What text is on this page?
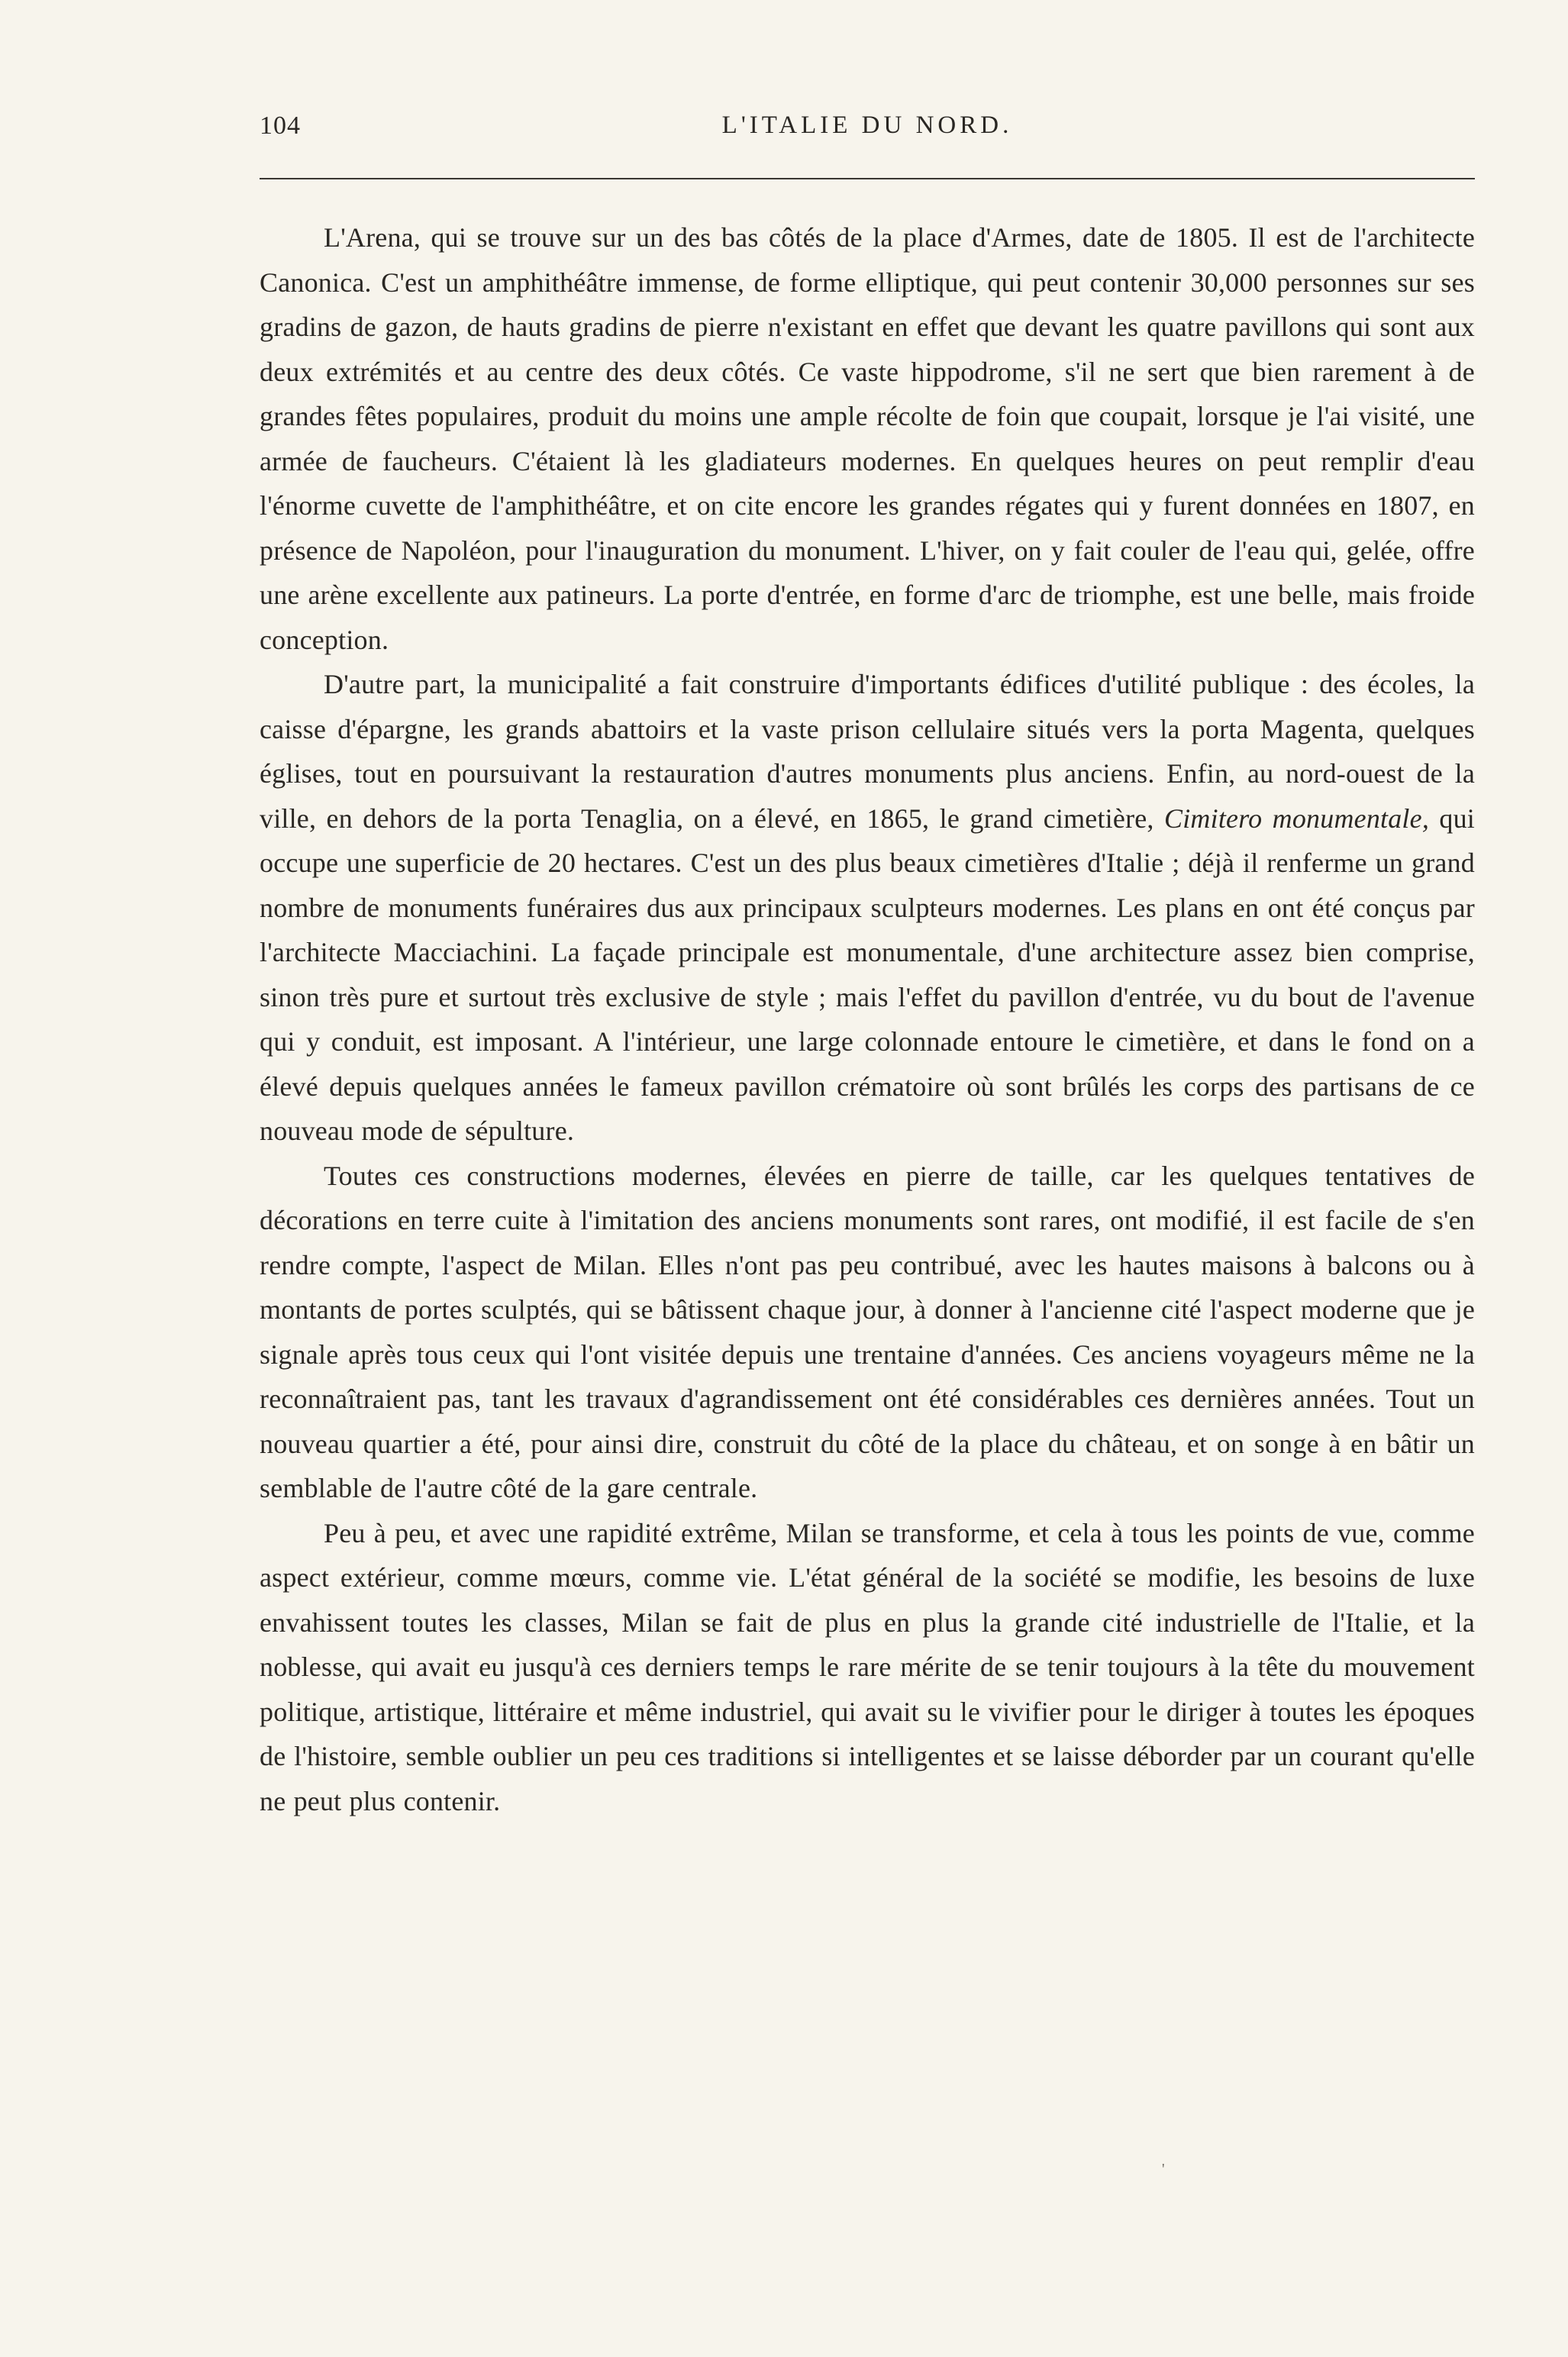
104	L'ITALIE DU NORD.

L'Arena, qui se trouve sur un des bas côtés de la place d'Armes, date de 1805. Il est de l'architecte Canonica. C'est un amphithéâtre immense, de forme elliptique, qui peut contenir 30,000 personnes sur ses gradins de gazon, de hauts gradins de pierre n'existant en effet que devant les quatre pavillons qui sont aux deux extrémités et au centre des deux côtés. Ce vaste hippodrome, s'il ne sert que bien rarement à de grandes fêtes populaires, produit du moins une ample récolte de foin que coupait, lorsque je l'ai visité, une armée de faucheurs. C'étaient là les gladiateurs modernes. En quelques heures on peut remplir d'eau l'énorme cuvette de l'amphithéâtre, et on cite encore les grandes régates qui y furent données en 1807, en présence de Napoléon, pour l'inauguration du monument. L'hiver, on y fait couler de l'eau qui, gelée, offre une arène excellente aux patineurs. La porte d'entrée, en forme d'arc de triomphe, est une belle, mais froide conception.

D'autre part, la municipalité a fait construire d'importants édifices d'utilité publique : des écoles, la caisse d'épargne, les grands abattoirs et la vaste prison cellulaire situés vers la porta Magenta, quelques églises, tout en poursuivant la restauration d'autres monuments plus anciens. Enfin, au nord-ouest de la ville, en dehors de la porta Tenaglia, on a élevé, en 1865, le grand cimetière, Cimitero monumentale, qui occupe une superficie de 20 hectares. C'est un des plus beaux cimetières d'Italie ; déjà il renferme un grand nombre de monuments funéraires dus aux principaux sculpteurs modernes. Les plans en ont été conçus par l'architecte Macciachini. La façade principale est monumentale, d'une architecture assez bien comprise, sinon très pure et surtout très exclusive de style ; mais l'effet du pavillon d'entrée, vu du bout de l'avenue qui y conduit, est imposant. A l'intérieur, une large colonnade entoure le cimetière, et dans le fond on a élevé depuis quelques années le fameux pavillon crématoire où sont brûlés les corps des partisans de ce nouveau mode de sépulture.

Toutes ces constructions modernes, élevées en pierre de taille, car les quelques tentatives de décorations en terre cuite à l'imitation des anciens monuments sont rares, ont modifié, il est facile de s'en rendre compte, l'aspect de Milan. Elles n'ont pas peu contribué, avec les hautes maisons à balcons ou à montants de portes sculptés, qui se bâtissent chaque jour, à donner à l'ancienne cité l'aspect moderne que je signale après tous ceux qui l'ont visitée depuis une trentaine d'années. Ces anciens voyageurs même ne la reconnaîtraient pas, tant les travaux d'agrandissement ont été considérables ces dernières années. Tout un nouveau quartier a été, pour ainsi dire, construit du côté de la place du château, et on songe à en bâtir un semblable de l'autre côté de la gare centrale.

Peu à peu, et avec une rapidité extrême, Milan se transforme, et cela à tous les points de vue, comme aspect extérieur, comme mœurs, comme vie. L'état général de la société se modifie, les besoins de luxe envahissent toutes les classes, Milan se fait de plus en plus la grande cité industrielle de l'Italie, et la noblesse, qui avait eu jusqu'à ces derniers temps le rare mérite de se tenir toujours à la tête du mouvement politique, artistique, littéraire et même industriel, qui avait su le vivifier pour le diriger à toutes les époques de l'histoire, semble oublier un peu ces traditions si intelligentes et se laisse déborder par un courant qu'elle ne peut plus contenir.

'
